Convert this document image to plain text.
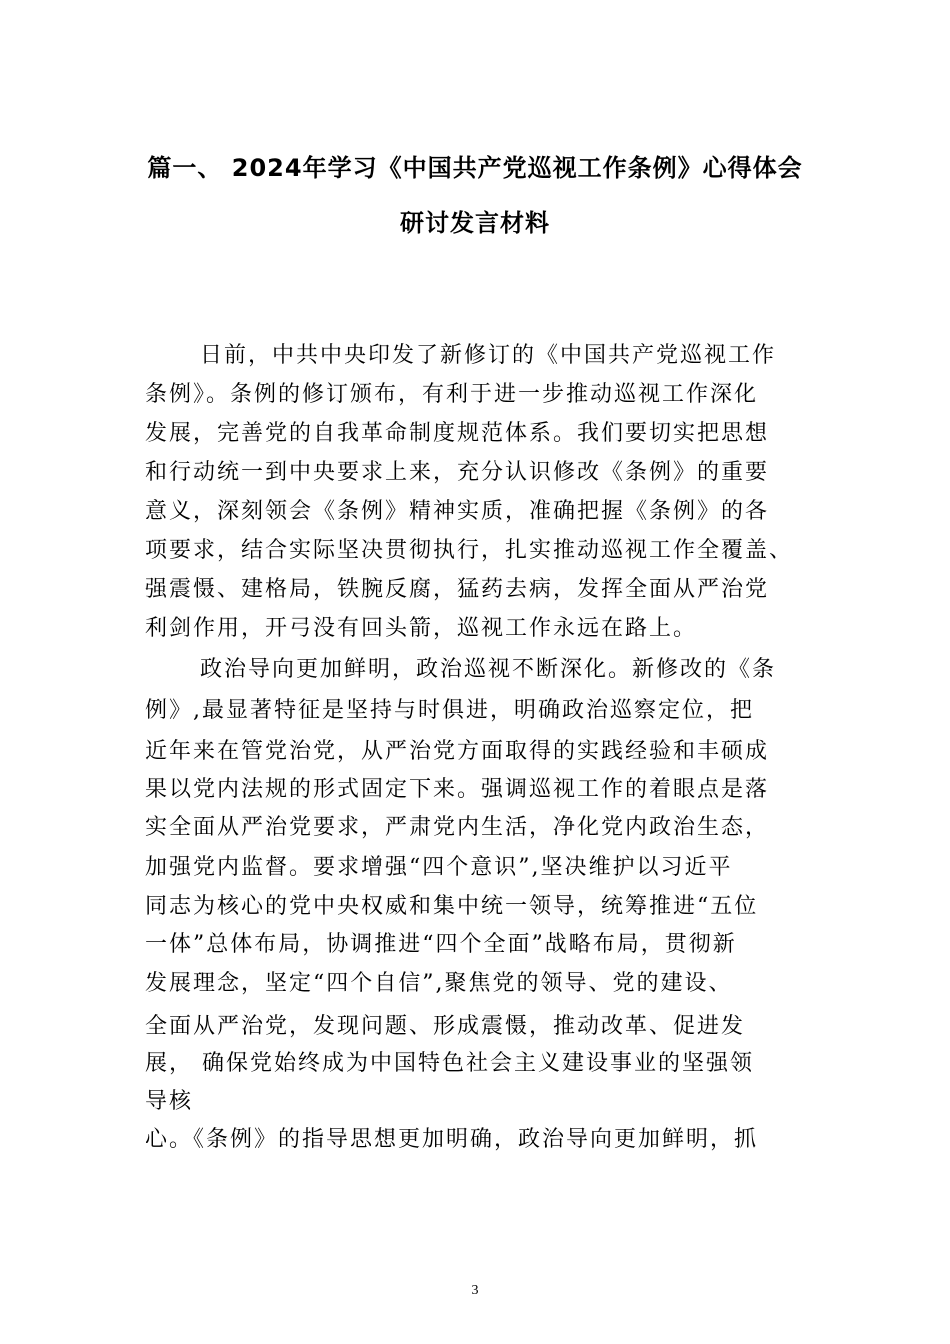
篇一、 2024年学习《中国共产党巡视工作条例》心得体会
研讨发言材料
日前，中共中央印发了新修订的《中国共产党巡视工作
条例》。条例的修订颁布，有利于进一步推动巡视工作深化
发展，完善党的自我革命制度规范体系。我们要切实把思想
和行动统一到中央要求上来，充分认识修改《条例》的重要
意义，深刻领会《条例》精神实质，准确把握《条例》的各
项要求，结合实际坚决贯彻执行，扎实推动巡视工作全覆盖、
强震慑、建格局，铁腕反腐，猛药去病，发挥全面从严治党
利剑作用，开弓没有回头箭，巡视工作永远在路上。
政治导向更加鲜明，政治巡视不断深化。新修改的《条
例》,最显著特征是坚持与时俱进，明确政治巡察定位，把
近年来在管党治党，从严治党方面取得的实践经验和丰硕成
果以党内法规的形式固定下来。强调巡视工作的着眼点是落
实全面从严治党要求，严肃党内生活，净化党内政治生态，
加强党内监督。要求增强“四个意识”,坚决维护以习近平
同志为核心的党中央权威和集中统一领导，统筹推进“五位
一体”总体布局，协调推进“四个全面”战略布局，贯彻新
发展理念，坚定“四个自信”,聚焦党的领导、党的建设、
全面从严治党，发现问题、形成震慑，推动改革、促进发
展， 确保党始终成为中国特色社会主义建设事业的坚强领
导核
心。《条例》的指导思想更加明确，政治导向更加鲜明，抓
3
